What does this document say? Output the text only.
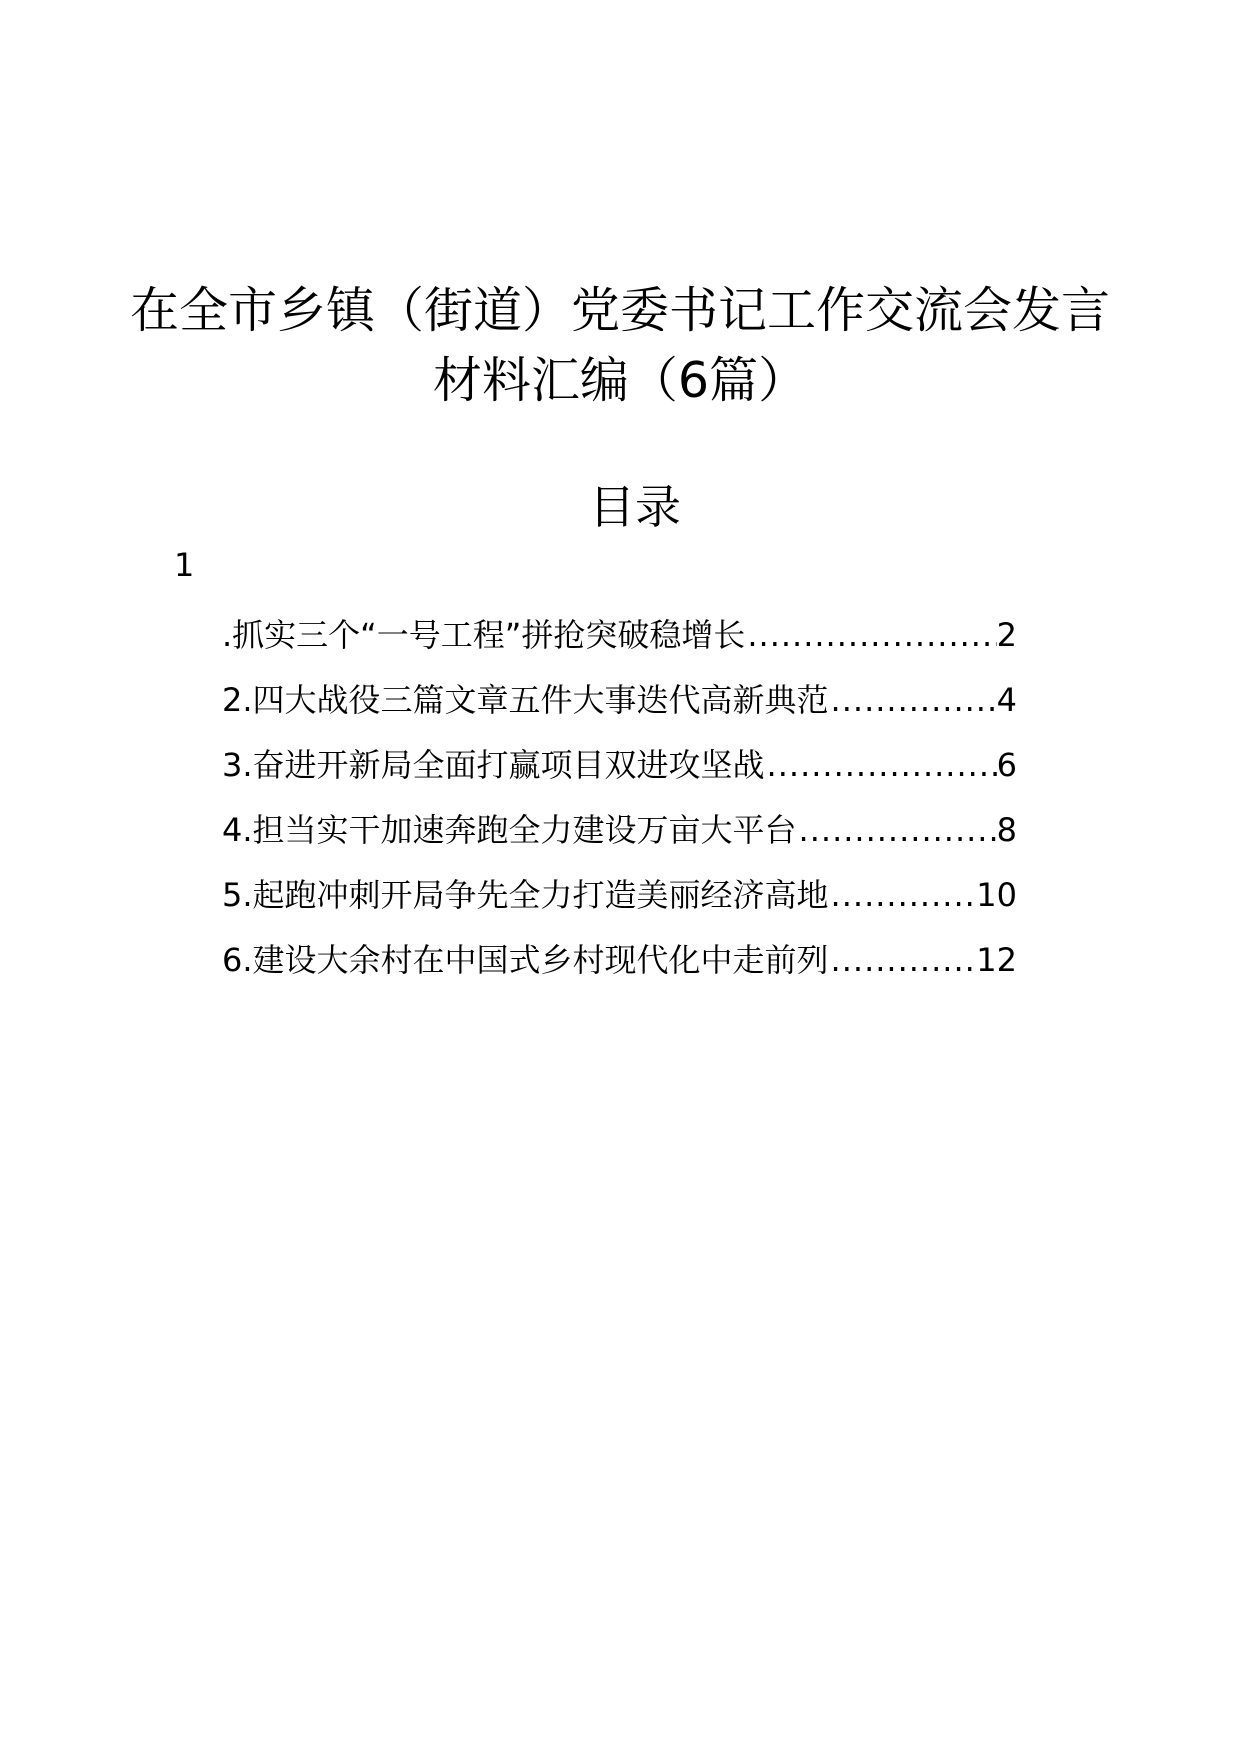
在全市乡镇（街道）党委书记工作交流会发言
材料汇编（6篇）
目录
1
.抓实三个“一号工程”拼抢突破稳增长 .....	2
2.四大战役三篇文章五件大事迭代高新典范 .....	4
3.奋进开新局全面打赢项目双进攻坚战 .....	6
4.担当实干加速奔跑全力建设万亩大平台 .....	8
5.起跑冲刺开局争先全力打造美丽经济高地 .....	10
6.建设大余村在中国式乡村现代化中走前列 .....	12
